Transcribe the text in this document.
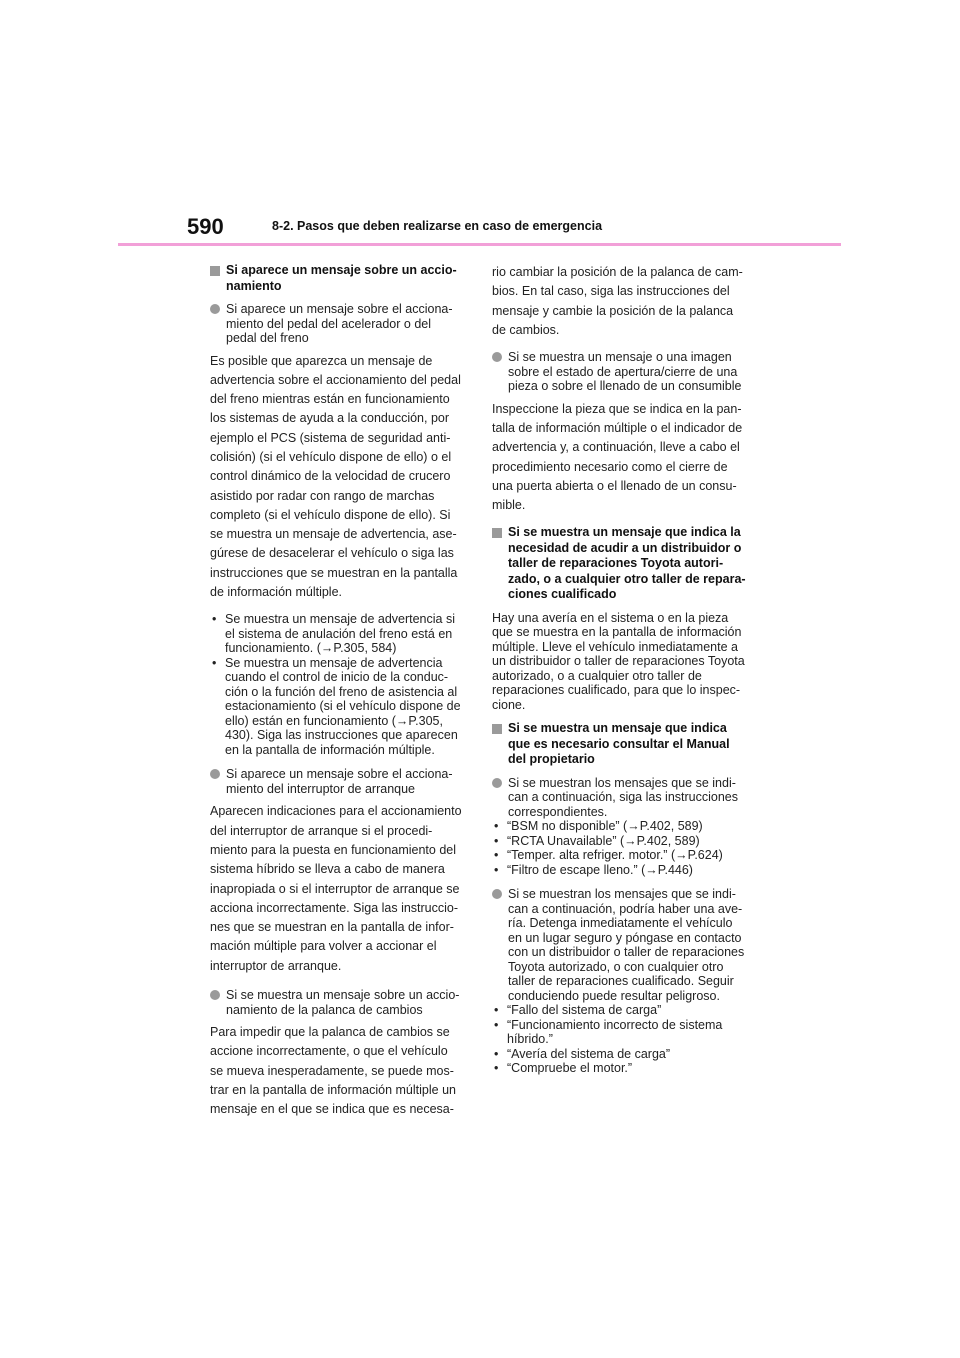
590	8-2. Pasos que deben realizarse en caso de emergencia

Si aparece un mensaje sobre un accio-namiento

Si aparece un mensaje sobre el acciona-miento del pedal del acelerador o del pedal del freno

Es posible que aparezca un mensaje de advertencia sobre el accionamiento del pedal del freno mientras están en funcionamiento los sistemas de ayuda a la conducción, por ejemplo el PCS (sistema de seguridad anti-colisión) (si el vehículo dispone de ello) o el control dinámico de la velocidad de crucero asistido por radar con rango de marchas completo (si el vehículo dispone de ello). Si se muestra un mensaje de advertencia, ase-gúrese de desacelerar el vehículo o siga las instrucciones que se muestran en la pantalla de información múltiple.

• Se muestra un mensaje de advertencia si el sistema de anulación del freno está en funcionamiento. (→P.305, 584)
• Se muestra un mensaje de advertencia cuando el control de inicio de la conduc-ción o la función del freno de asistencia al estacionamiento (si el vehículo dispone de ello) están en funcionamiento (→P.305, 430). Siga las instrucciones que aparecen en la pantalla de información múltiple.

Si aparece un mensaje sobre el acciona-miento del interruptor de arranque

Aparecen indicaciones para el accionamiento del interruptor de arranque si el procedi-miento para la puesta en funcionamiento del sistema híbrido se lleva a cabo de manera inapropiada o si el interruptor de arranque se acciona incorrectamente. Siga las instruccio-nes que se muestran en la pantalla de infor-mación múltiple para volver a accionar el interruptor de arranque.

Si se muestra un mensaje sobre un accio-namiento de la palanca de cambios

Para impedir que la palanca de cambios se accione incorrectamente, o que el vehículo se mueva inesperadamente, se puede mos-trar en la pantalla de información múltiple un mensaje en el que se indica que es necesa-

rio cambiar la posición de la palanca de cam-bios. En tal caso, siga las instrucciones del mensaje y cambie la posición de la palanca de cambios.

Si se muestra un mensaje o una imagen sobre el estado de apertura/cierre de una pieza o sobre el llenado de un consumible

Inspeccione la pieza que se indica en la pan-talla de información múltiple o el indicador de advertencia y, a continuación, lleve a cabo el procedimiento necesario como el cierre de una puerta abierta o el llenado de un consu-mible.

Si se muestra un mensaje que indica la necesidad de acudir a un distribuidor o taller de reparaciones Toyota autori-zado, o a cualquier otro taller de repara-ciones cualificado

Hay una avería en el sistema o en la pieza que se muestra en la pantalla de información múltiple. Lleve el vehículo inmediatamente a un distribuidor o taller de reparaciones Toyota autorizado, o a cualquier otro taller de reparaciones cualificado, para que lo inspec-cione.

Si se muestra un mensaje que indica que es necesario consultar el Manual del propietario

Si se muestran los mensajes que se indi-can a continuación, siga las instrucciones correspondientes.

• “BSM no disponible” (→P.402, 589)
• “RCTA Unavailable” (→P.402, 589)
• “Temper. alta refriger. motor.” (→P.624)
• “Filtro de escape lleno.” (→P.446)

Si se muestran los mensajes que se indi-can a continuación, podría haber una ave-ría. Detenga inmediatamente el vehículo en un lugar seguro y póngase en contacto con un distribuidor o taller de reparaciones Toyota autorizado, o con cualquier otro taller de reparaciones cualificado. Seguir conduciendo puede resultar peligroso.

• “Fallo del sistema de carga”
• “Funcionamiento incorrecto de sistema híbrido.”
• “Avería del sistema de carga”
• “Compruebe el motor.”
